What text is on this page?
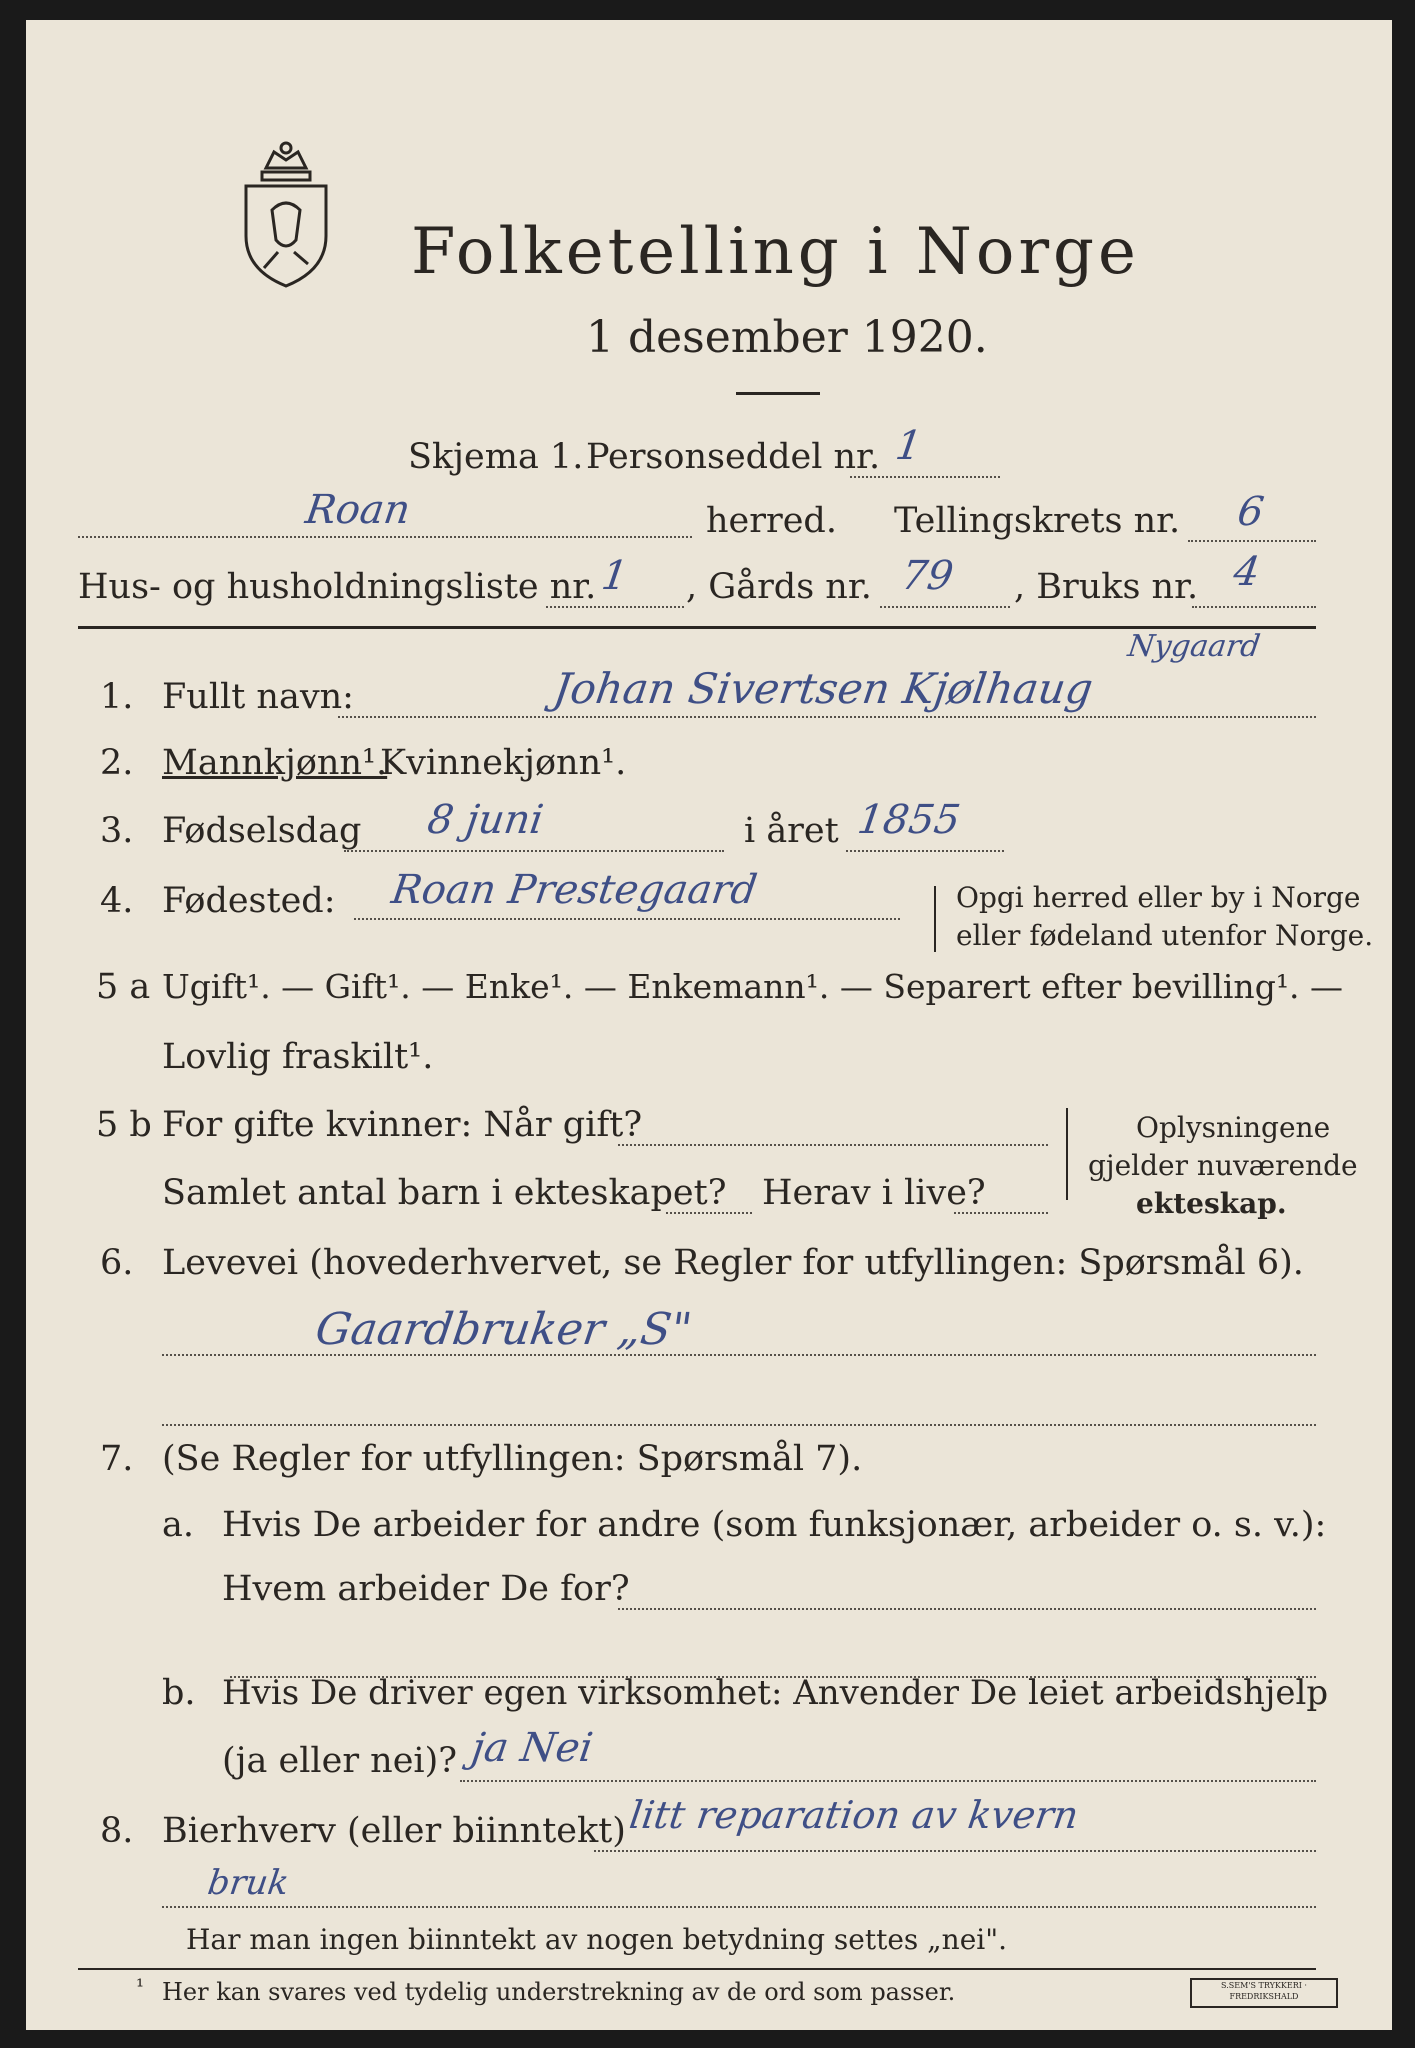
Folketelling i Norge
1 desember 1920.
Skjema 1. Personseddel nr. 1
Roan	herred. Tellingskrets nr. 6
Hus- og husholdningsliste nr. 1 , Gårds nr. 79 , Bruks nr. 4
1. Fullt navn:	Johan Sivertsen Kjølhaug
Nygaard
2. Mannkjønn¹.
Kvinnekjønn¹.
3. Fødselsdag 8 juni	i året 1855
4. Fødested: Roan Prestegaard	Opgi herred eller by i Norge
eller fødeland utenfor Norge.
5 a Ugift¹. — Gift¹. — Enke¹. — Enkemann¹. — Separert efter bevilling¹. —
Lovlig fraskilt¹.
5 b For gifte kvinner: Når gift?
Samlet antal barn i ekteskapet? Herav i live?
Oplysningene
gjelder nuværende
ekteskap.
6. Levevei (hovederhvervet, se Regler for utfyllingen: Spørsmål 6).
Gaardbruker „S"
7. (Se Regler for utfyllingen: Spørsmål 7).
a. Hvis De arbeider for andre (som funksjonær, arbeider o. s. v.):
Hvem arbeider De for?
b. Hvis De driver egen virksomhet: Anvender De leiet arbeidshjelp
(ja eller nei)? ja Nei
8. Bierhverv (eller biinntekt) litt reparation av kvern
bruk
Har man ingen biinntekt av nogen betydning settes „nei".
¹ Her kan svares ved tydelig understrekning av de ord som passer.	S.SEM'S TRYKKERI · FREDRIKSHALD
